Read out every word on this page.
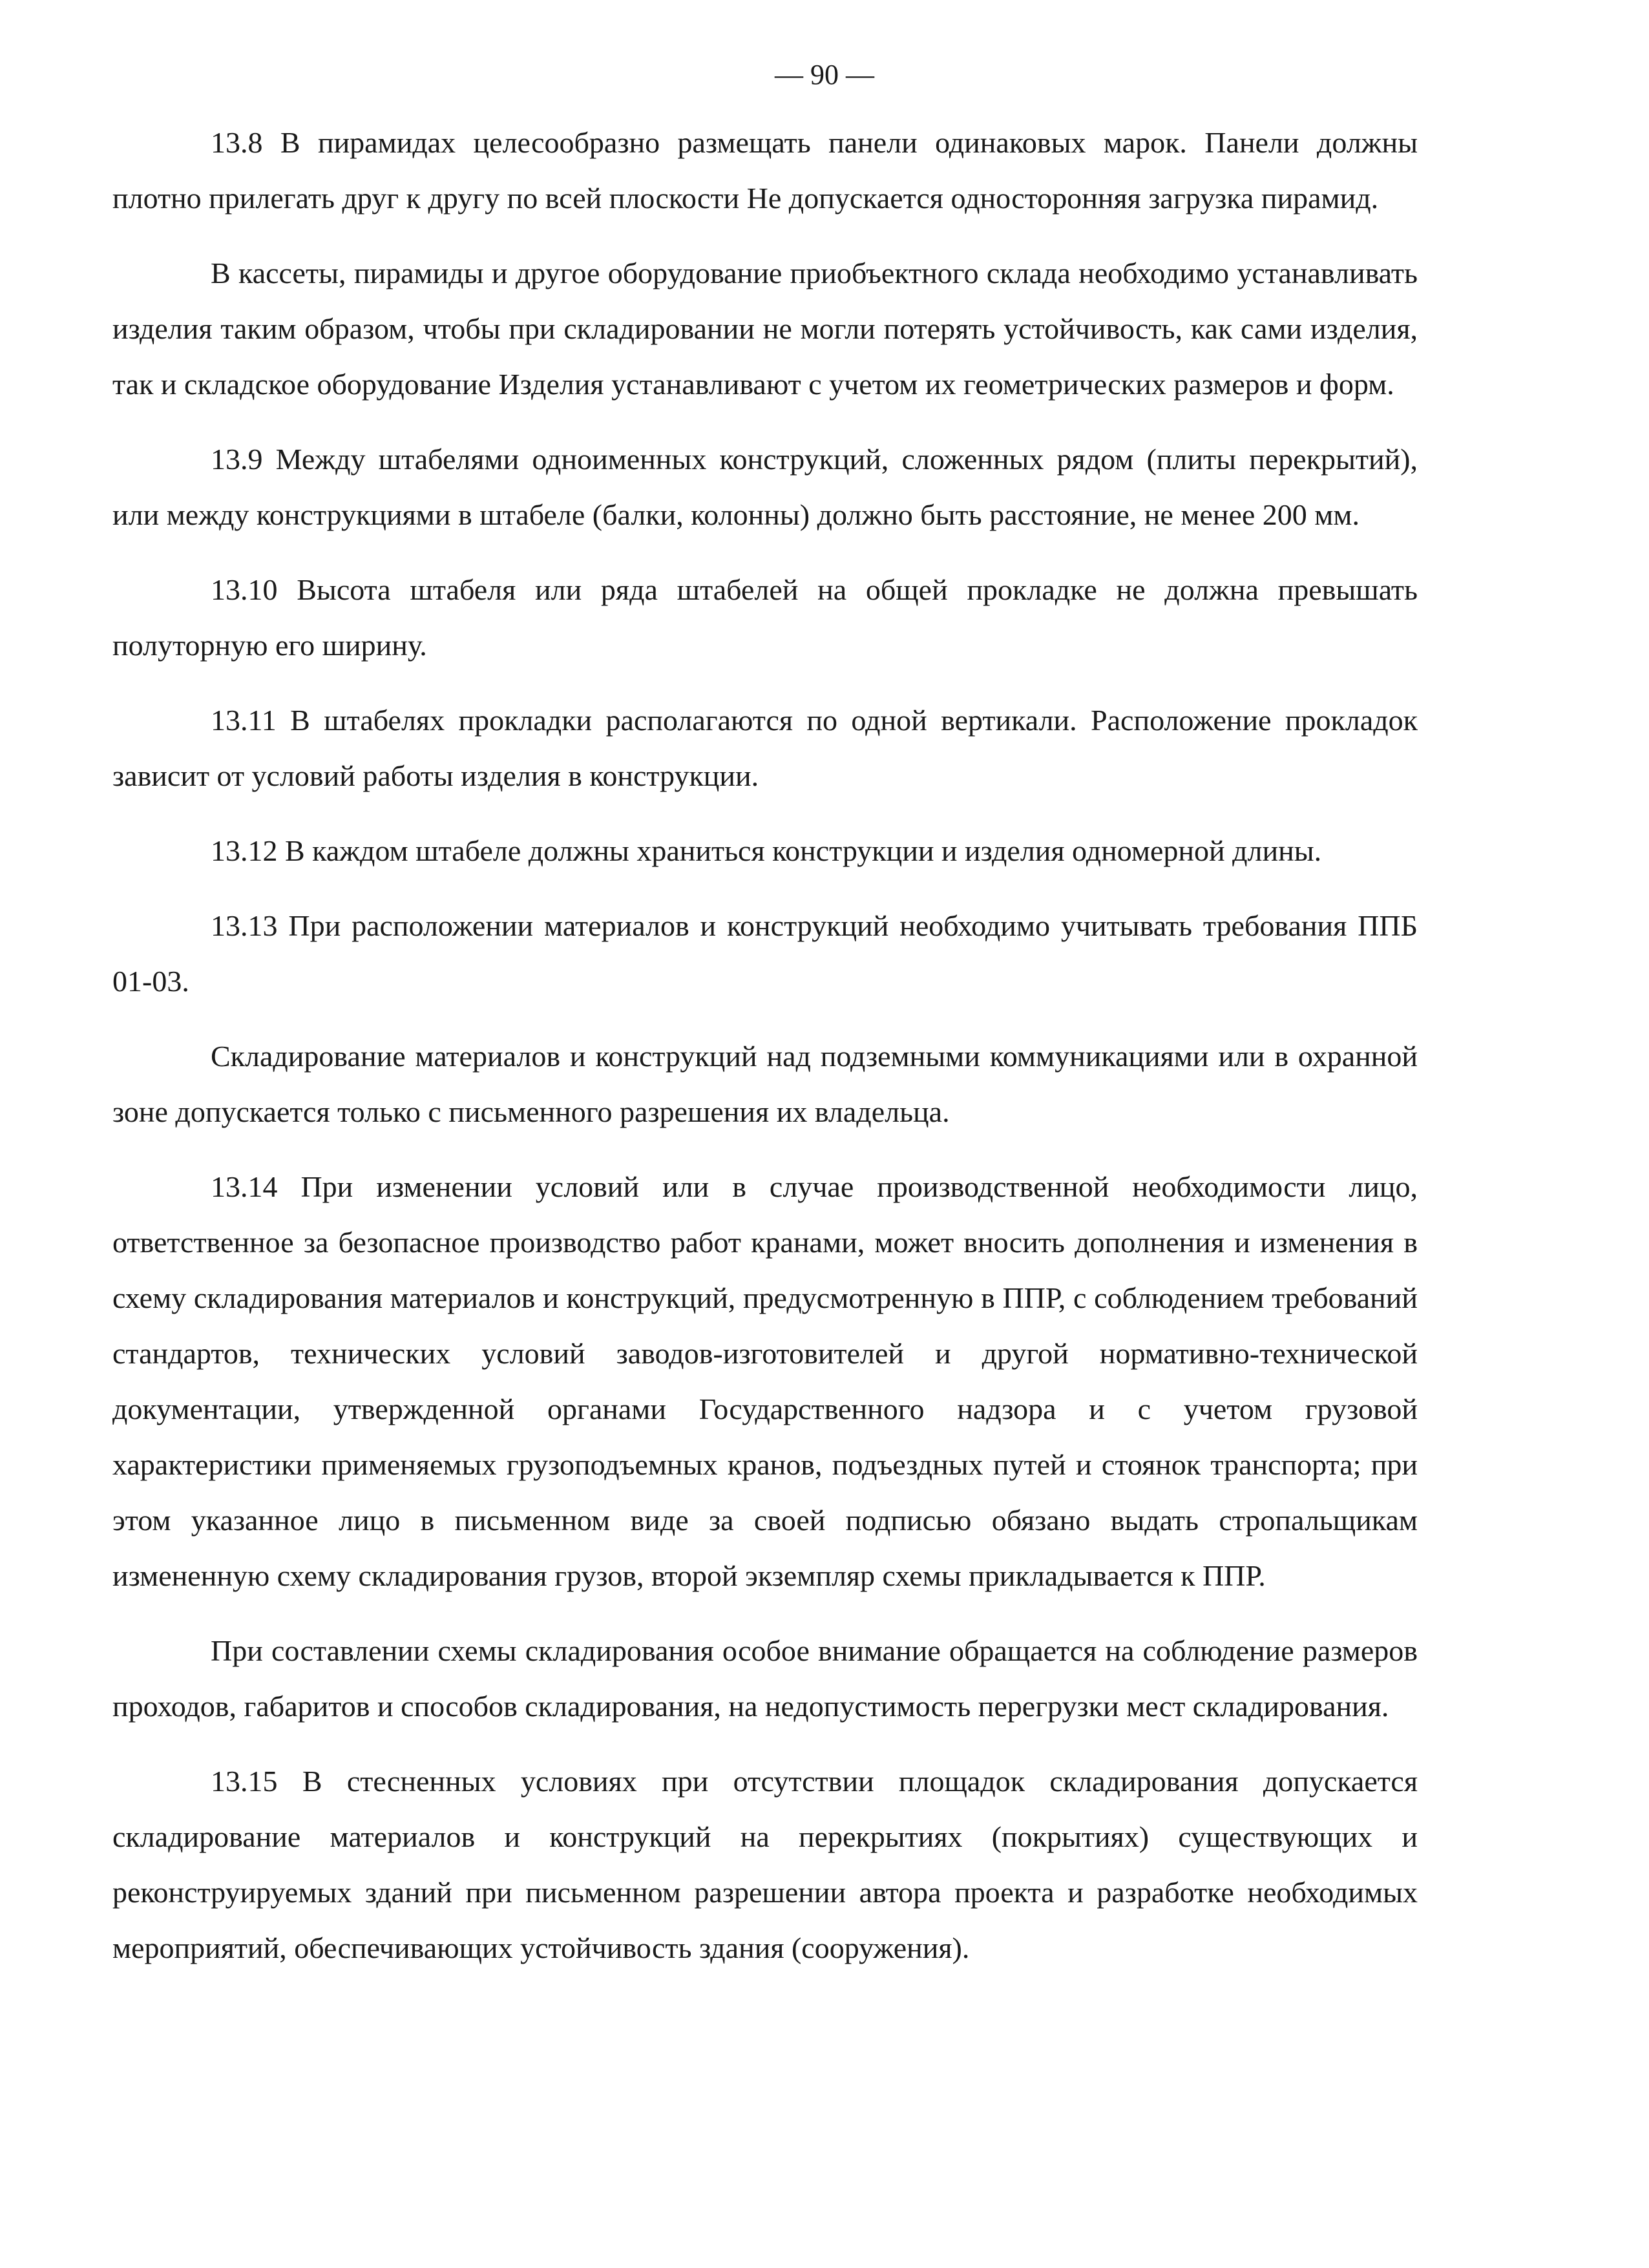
— 90 —

13.8 В пирамидах целесообразно размещать панели одинаковых марок. Панели должны плотно прилегать друг к другу по всей плоскости Не допускается односторонняя загрузка пирамид.

В кассеты, пирамиды и другое оборудование приобъектного склада необходимо устанавливать изделия таким образом, чтобы при складировании не могли потерять устойчивость, как сами изделия, так и складское оборудование Изделия устанавливают с учетом их геометрических размеров и форм.

13.9 Между штабелями одноименных конструкций, сложенных рядом (плиты перекрытий), или между конструкциями в штабеле (балки, колонны) должно быть расстояние, не менее 200 мм.

13.10 Высота штабеля или ряда штабелей на общей прокладке не должна превышать полуторную его ширину.

13.11 В штабелях прокладки располагаются по одной вертикали. Расположение прокладок зависит от условий работы изделия в конструкции.

13.12 В каждом штабеле должны храниться конструкции и изделия одномерной длины.

13.13 При расположении материалов и конструкций необходимо учитывать требования ППБ 01-03.

Складирование материалов и конструкций над подземными коммуникациями или в охранной зоне допускается только с письменного разрешения их владельца.

13.14 При изменении условий или в случае производственной необходимости лицо, ответственное за безопасное производство работ кранами, может вносить дополнения и изменения в схему складирования материалов и конструкций, предусмотренную в ППР, с соблюдением требований стандартов, технических условий заводов-изготовителей и другой нормативно-технической документации, утвержденной органами Государственного надзора и с учетом грузовой характеристики применяемых грузоподъемных кранов, подъездных путей и стоянок транспорта; при этом указанное лицо в письменном виде за своей подписью обязано выдать стропальщикам измененную схему складирования грузов, второй экземпляр схемы прикладывается к ППР.

При составлении схемы складирования особое внимание обращается на соблюдение размеров проходов, габаритов и способов складирования, на недопустимость перегрузки мест складирования.

13.15 В стесненных условиях при отсутствии площадок складирования допускается складирование материалов и конструкций на перекрытиях (покрытиях) существующих и реконструируемых зданий при письменном разрешении автора проекта и разработке необходимых мероприятий, обеспечивающих устойчивость здания (сооружения).
